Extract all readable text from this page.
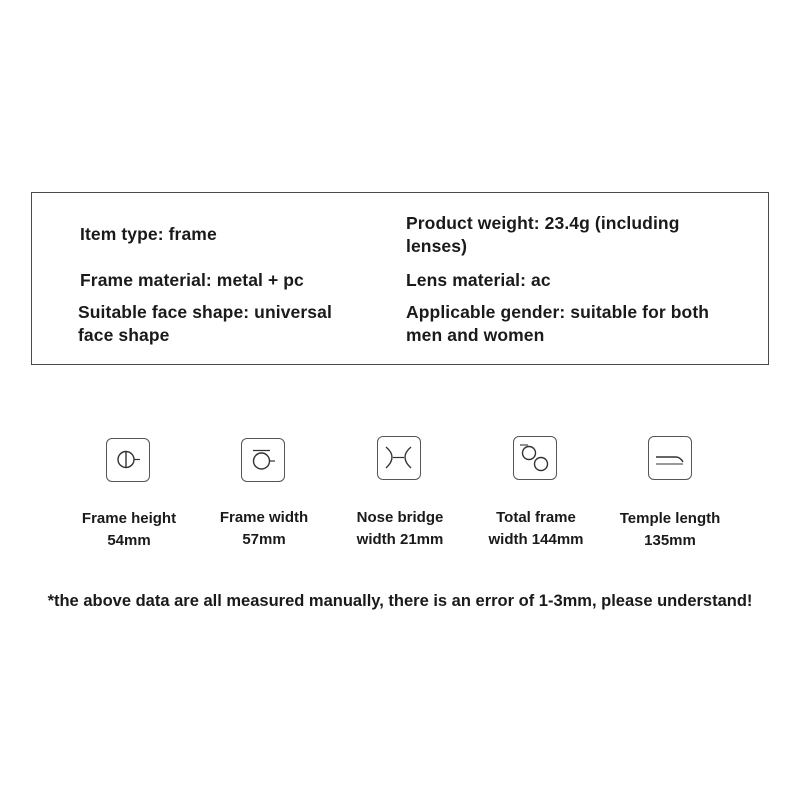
Item type: frame
Product weight: 23.4g (including lenses)
Frame material: metal + pc	Lens material: ac
Suitable face shape: universal face shape
Applicable gender: suitable for both men and women
Frame height
54mm
Frame width
57mm
Nose bridge
width 21mm
Total frame
width 144mm
Temple length
135mm
*the above data are all measured manually, there is an error of 1-3mm, please understand!
